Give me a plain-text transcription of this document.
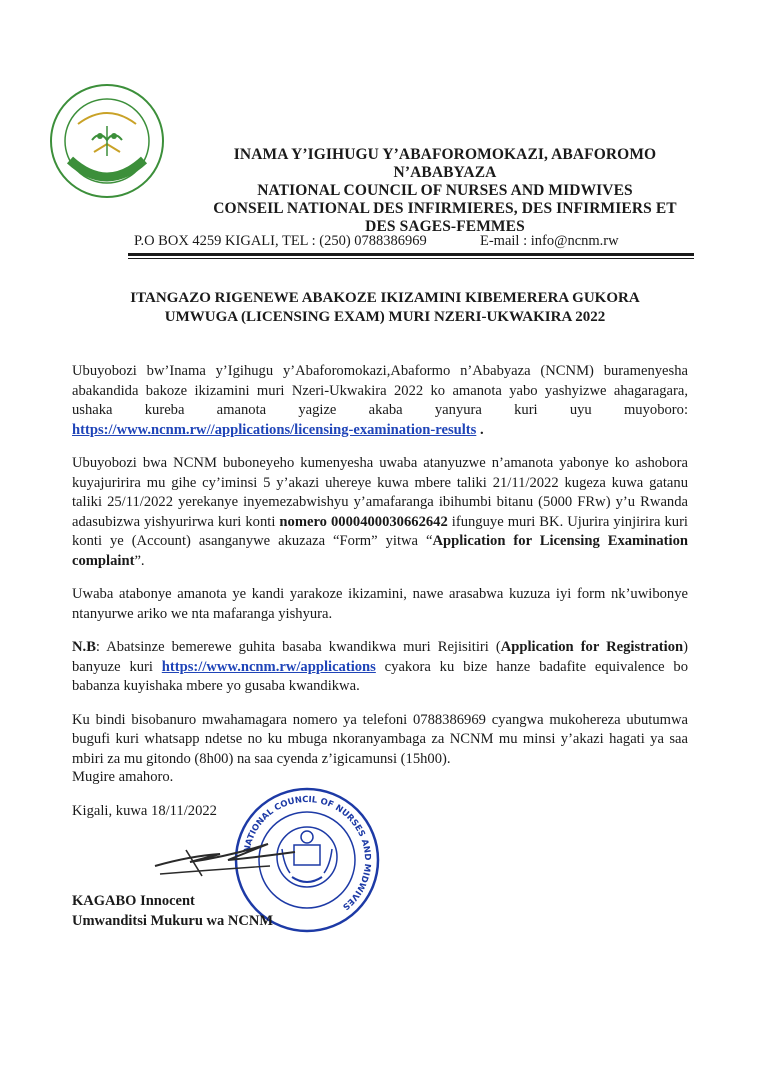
INAMA Y’IGIHUGU Y’ABAFOROMOKAZI, ABAFOROMO
N’ABABYAZA
NATIONAL COUNCIL OF NURSES AND MIDWIVES
CONSEIL NATIONAL DES INFIRMIERES, DES INFIRMIERS ET
DES SAGES-FEMMES
P.O BOX 4259 KIGALI, TEL : (250) 0788386969	E-mail : info@ncnm.rw
ITANGAZO RIGENEWE ABAKOZE IKIZAMINI KIBEMERERA GUKORA
UMWUGA (LICENSING EXAM) MURI NZERI-UKWAKIRA 2022

Ubuyobozi bw’Inama y’Igihugu y’Abaforomokazi,Abaformo n’Ababyaza (NCNM) buramenyesha abakandida bakoze ikizamini muri Nzeri-Ukwakira 2022 ko amanota yabo yashyizwe ahagaragara, ushaka kureba amanota yagize akaba yanyura kuri uyu muyoboro: https://www.ncnm.rw//applications/licensing-examination-results .

Ubuyobozi bwa NCNM buboneyeho kumenyesha uwaba atanyuzwe n’amanota yabonye ko ashobora kuyajuririra mu gihe cy’iminsi 5 y’akazi uhereye kuwa mbere taliki 21/11/2022 kugeza kuwa gatanu taliki 25/11/2022 yerekanye inyemezabwishyu y’amafaranga ibihumbi bitanu (5000 FRw) y’u Rwanda adasubizwa yishyurirwa kuri konti nomero 0000400030662642 ifunguye muri BK. Ujurira yinjirira kuri konti ye (Account) asanganywe akuzaza “Form” yitwa “Application for Licensing Examination complaint”.

Uwaba atabonye amanota ye kandi yarakoze ikizamini, nawe arasabwa kuzuza iyi form nk’uwibonye ntanyurwe ariko we nta mafaranga yishyura.

N.B: Abatsinze bemerewe guhita basaba kwandikwa muri Rejisitiri (Application for Registration) banyuze kuri https://www.ncnm.rw/applications cyakora ku bize hanze badafite equivalence bo babanza kuyishaka mbere yo gusaba kwandikwa.

Ku bindi bisobanuro mwahamagara nomero ya telefoni 0788386969 cyangwa mukohereza ubutumwa bugufi kuri whatsapp ndetse no ku mbuga nkoranyambaga za NCNM mu minsi y’akazi hagati ya saa mbiri za mu gitondo (8h00) na saa cyenda z’igicamunsi (15h00).

Mugire amahoro.
Kigali, kuwa 18/11/2022
NATIONAL COUNCIL OF NURSES AND MIDWIVES
KAGABO Innocent
Umwanditsi Mukuru wa NCNM
